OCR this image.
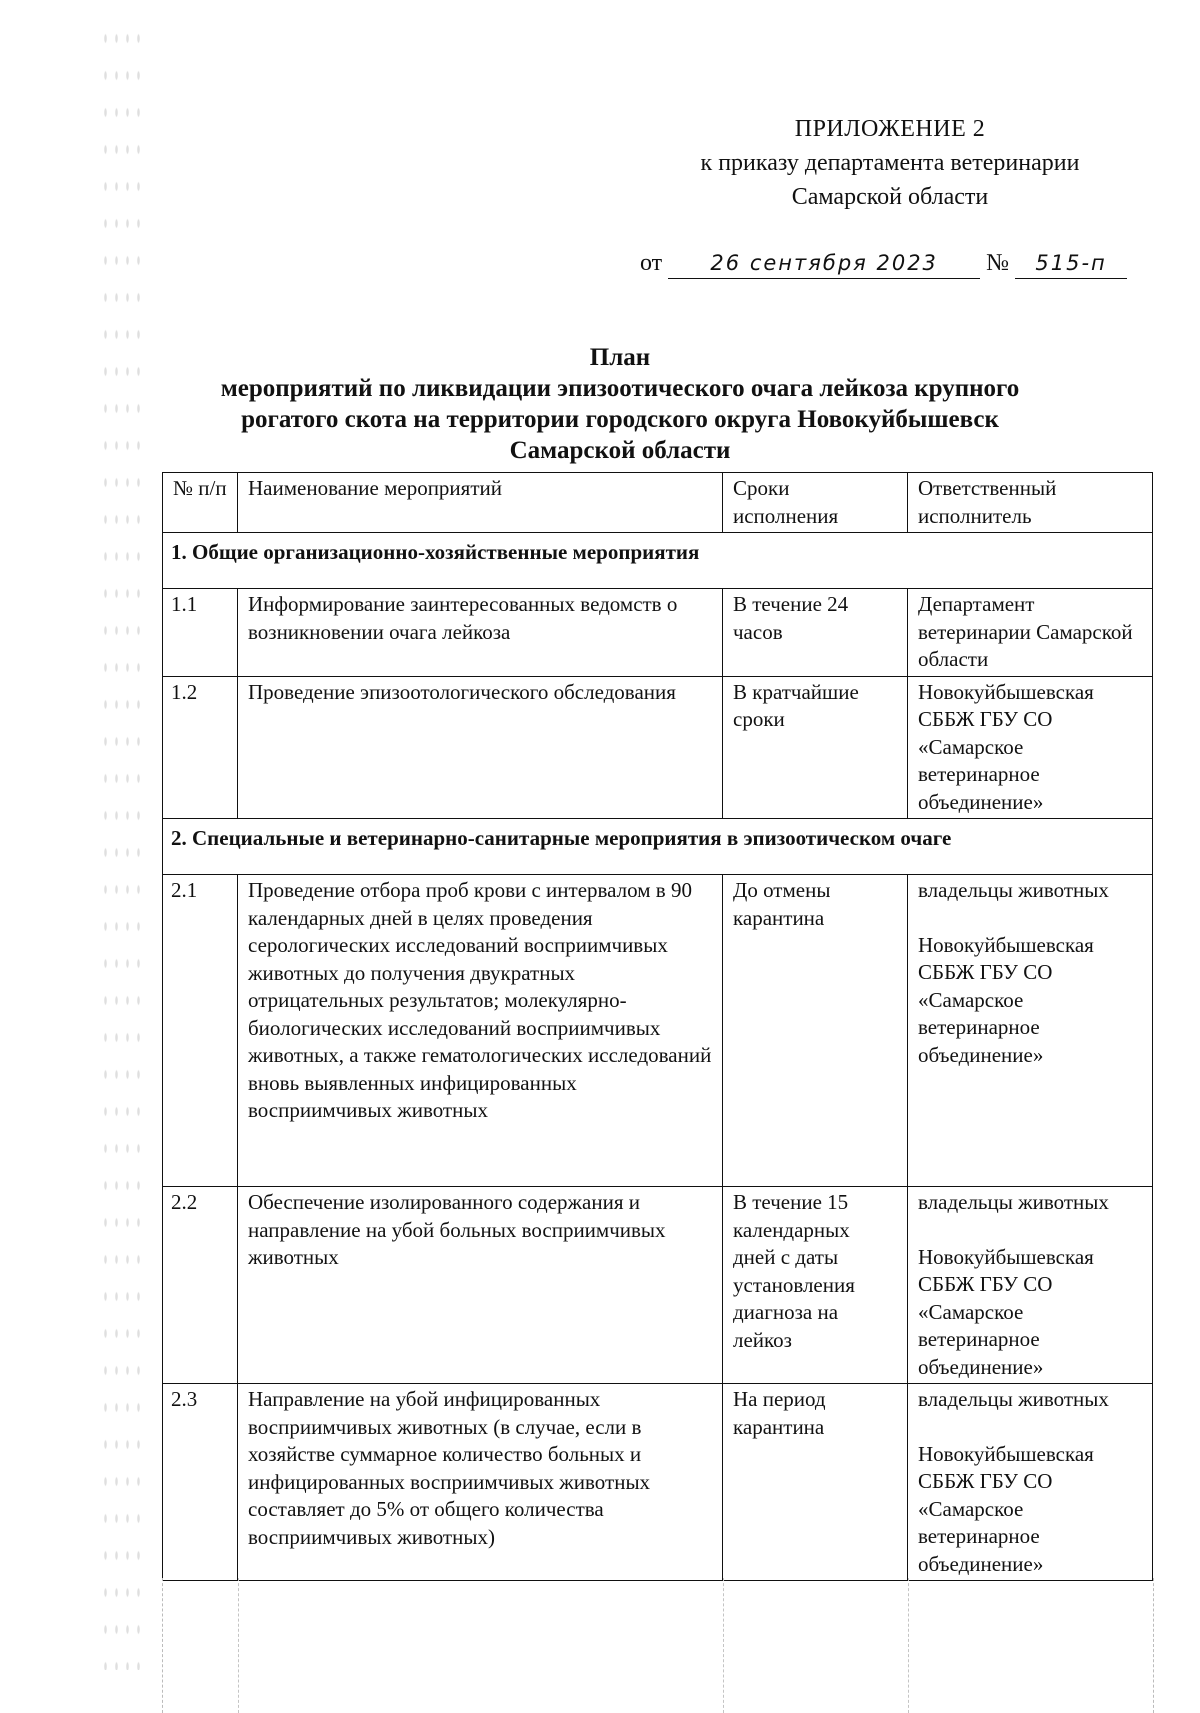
ПРИЛОЖЕНИЕ 2
к приказу департамента ветеринарии
Самарской области
от 26 сентября 2023 № 515-п
План
мероприятий по ликвидации эпизоотического очага лейкоза крупного
рогатого скота на территории городского округа Новокуйбышевск
Самарской области
№ п/п	Наименование мероприятий	Сроки исполнения	Ответственный исполнитель
1. Общие организационно-хозяйственные мероприятия			
1.1	Информирование заинтересованных ведомств о возникновении очага лейкоза	В течение 24 часов	Департамент ветеринарии Самарской области
1.2	Проведение эпизоотологического обследования	В кратчайшие сроки	Новокуйбышевская СББЖ ГБУ СО «Самарское ветеринарное объединение»
2. Специальные и ветеринарно-санитарные мероприятия в эпизоотическом очаге			
2.1	Проведение отбора проб крови с интервалом в 90 календарных дней в целях проведения серологических исследований восприимчивых животных до получения двукратных отрицательных результатов; молекулярно-биологических исследований восприимчивых животных, а также гематологических исследований вновь выявленных инфицированных восприимчивых животных	До отмены карантина	владельцы животных
Новокуйбышевская СББЖ ГБУ СО «Самарское ветеринарное объединение»
2.2	Обеспечение изолированного содержания и направление на убой больных восприимчивых животных	В течение 15 календарных дней с даты установления диагноза на лейкоз	владельцы животных
Новокуйбышевская СББЖ ГБУ СО «Самарское ветеринарное объединение»
2.3	Направление на убой инфицированных восприимчивых животных (в случае, если в хозяйстве суммарное количество больных и инфицированных восприимчивых животных составляет до 5% от общего количества восприимчивых животных)	На период карантина	владельцы животных
Новокуйбышевская СББЖ ГБУ СО «Самарское ветеринарное объединение»
